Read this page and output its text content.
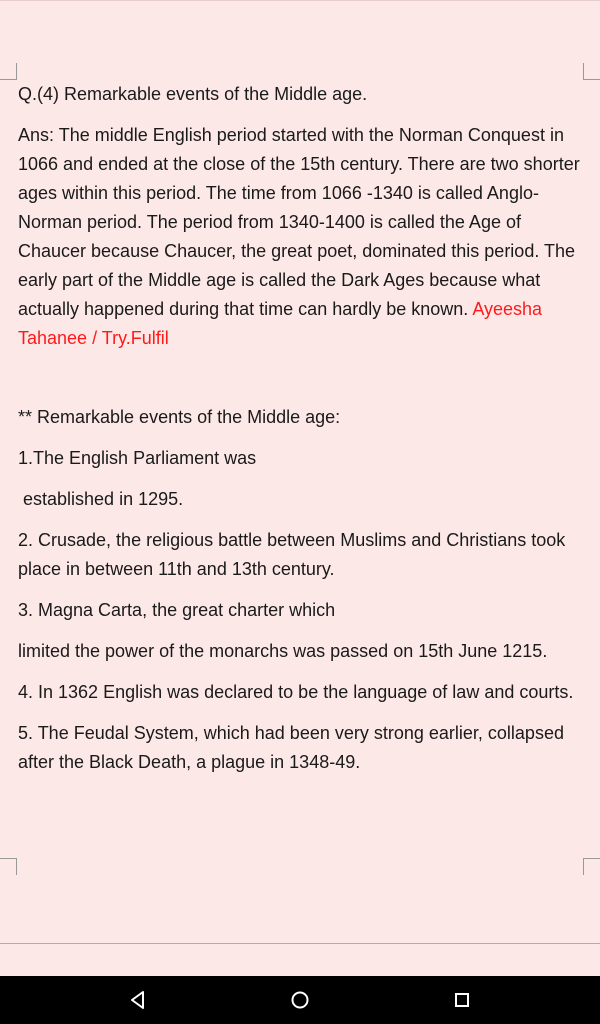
Q.(4) Remarkable events of the Middle age.

Ans: The middle English period started with the Norman Conquest in 1066 and ended at the close of the 15th century. There are two shorter ages within this period. The time from 1066 -1340 is called Anglo-Norman period. The period from 1340-1400 is called the Age of Chaucer because Chaucer, the great poet, dominated this period. The early part of the Middle age is called the Dark Ages because what actually happened during that time can hardly be known. Ayeesha Tahanee / Try.Fulfil

** Remarkable events of the Middle age:

1.The English Parliament was

established in 1295.

2. Crusade, the religious battle between Muslims and Christians took place in between 11th and 13th century.

3. Magna Carta, the great charter which

limited the power of the monarchs was passed on 15th June 1215.

4. In 1362 English was declared to be the language of law and courts.

5. The Feudal System, which had been very strong earlier, collapsed after the Black Death, a plague in 1348-49.
